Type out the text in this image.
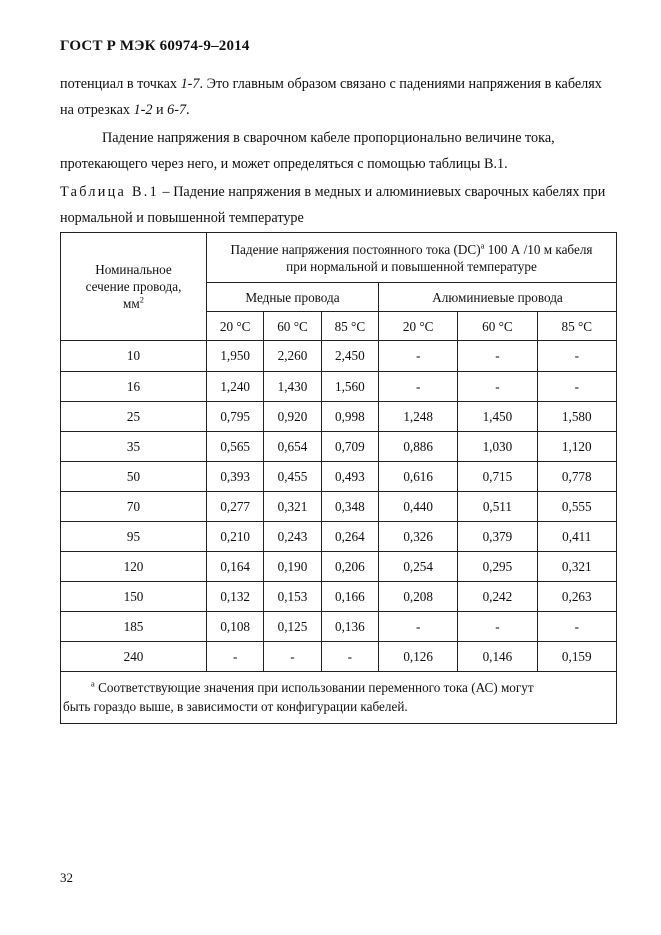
ГОСТ Р МЭК 60974-9–2014

потенциал в точках 1-7. Это главным образом связано с падениями напряжения в кабелях на отрезках 1-2 и 6-7.

Падение напряжения в сварочном кабеле пропорционально величине тока, протекающего через него, и может определяться с помощью таблицы В.1.

Таблица В.1 – Падение напряжения в медных и алюминиевых сварочных кабелях при нормальной и повышенной температуре

Номинальное
сечение провода,
$мм^2$	Падение напряжения постоянного тока (DC)$^a$ 100 А /10 м кабеля
при нормальной и повышенной температуре					
	Медные провода			Алюминиевые провода		
	20 °C	60 °C	85 °C	20 °C	60 °C	85 °C
10	1,950	2,260	2,450	-	-	-
16	1,240	1,430	1,560	-	-	-
25	0,795	0,920	0,998	1,248	1,450	1,580
35	0,565	0,654	0,709	0,886	1,030	1,120
50	0,393	0,455	0,493	0,616	0,715	0,778
70	0,277	0,321	0,348	0,440	0,511	0,555
95	0,210	0,243	0,264	0,326	0,379	0,411
120	0,164	0,190	0,206	0,254	0,295	0,321
150	0,132	0,153	0,166	0,208	0,242	0,263
185	0,108	0,125	0,136	-	-	-
240	-	-	-	0,126	0,146	0,159
$^a$ Соответствующие значения при использовании переменного тока (АС) могут
быть гораздо выше, в зависимости от конфигурации кабелей.						
32
